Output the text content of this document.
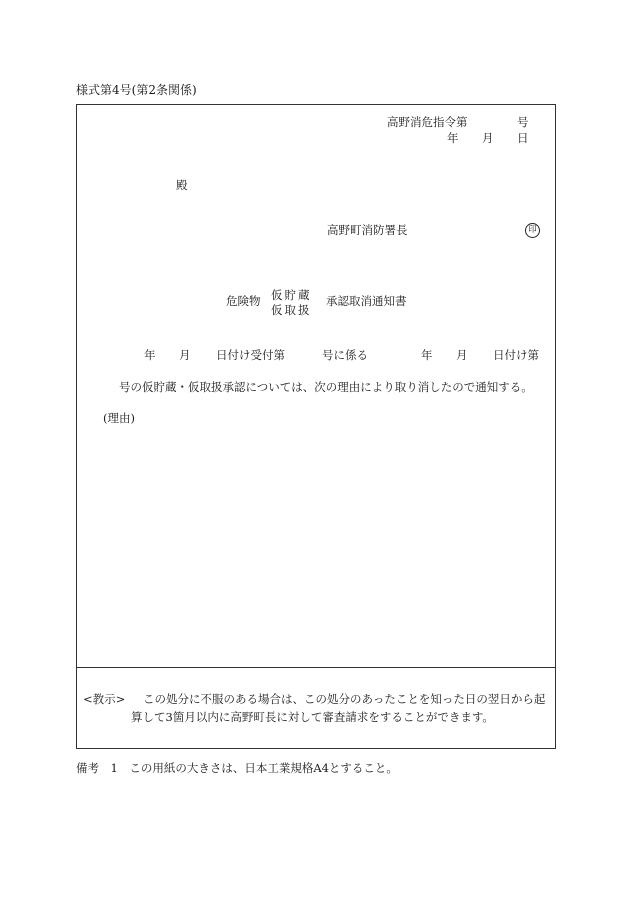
様式第4号(第2条関係)
高野消危指令第	号
年 月 日
殿
高野町消防署長	印
危険物 仮貯蔵
仮取扱
承認取消通知書
年 月 日付け受付第	号に係る	年 月 日付け第
号の仮貯蔵・仮取扱承認については、次の理由により取り消したので通知する。
(理由)
<教示> この処分に不服のある場合は、この処分のあったことを知った日の翌日から起
算して3箇月以内に高野町長に対して審査請求をすることができます。
備考　1　この用紙の大きさは、日本工業規格A4とすること。
